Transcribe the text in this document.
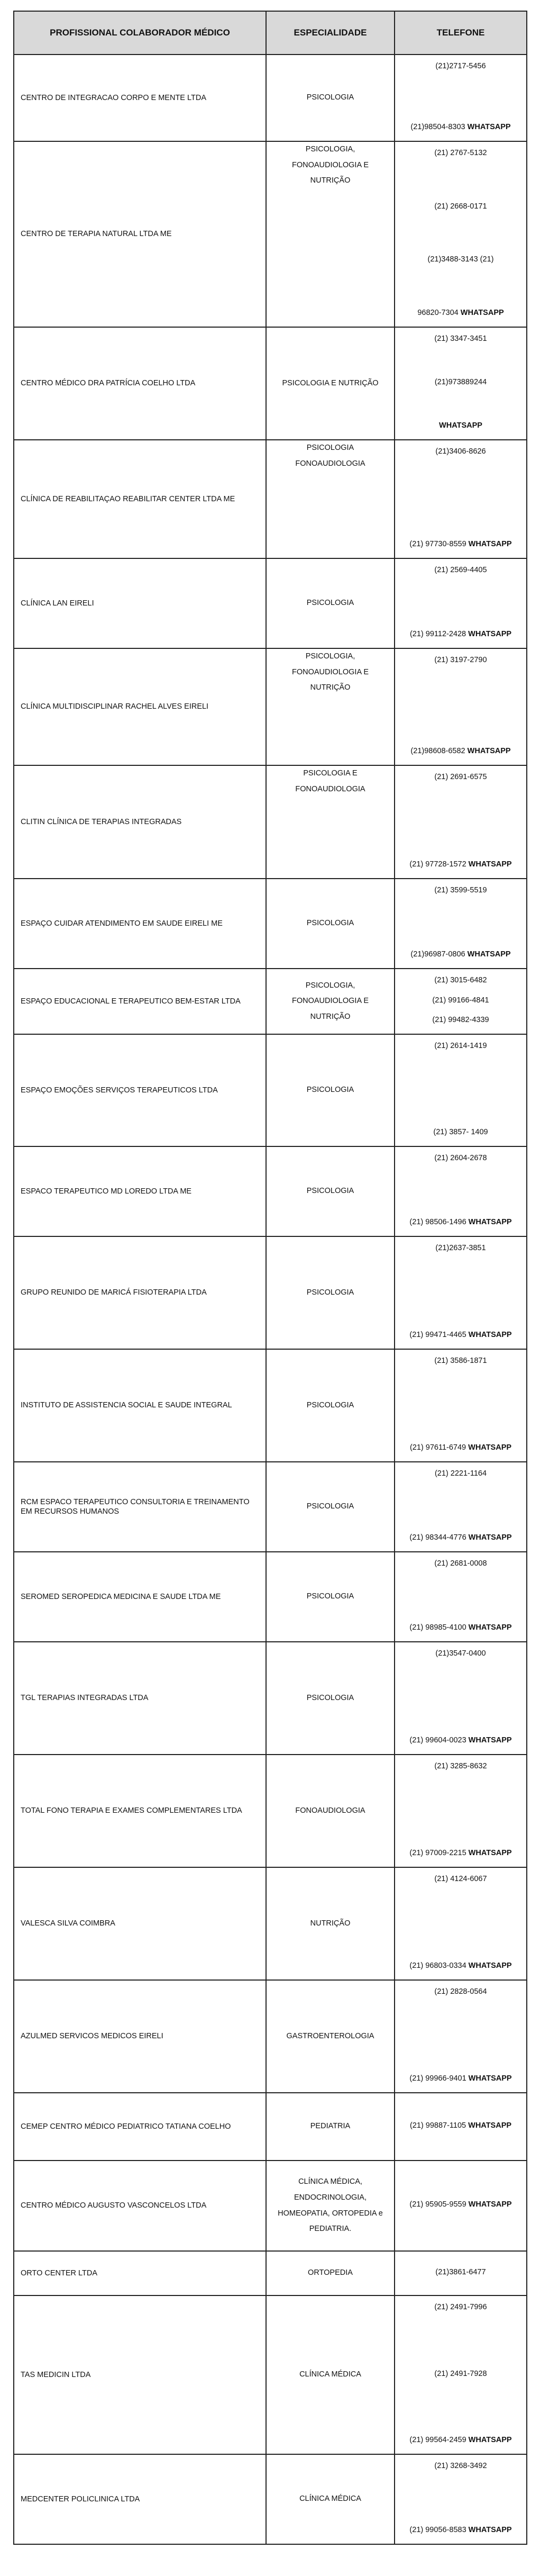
PROFISSIONAL COLABORADOR MÉDICO	ESPECIALIDADE	TELEFONE
CENTRO DE INTEGRACAO CORPO E MENTE LTDA	PSICOLOGIA	(21)2717-5456
(21)98504-8303 WHATSAPP

CENTRO DE TERAPIA NATURAL LTDA ME	PSICOLOGIA,
FONOAUDIOLOGIA E
NUTRIÇÃO	(21) 2767-5132
(21) 2668-0171
(21)3488-3143 (21)
96820-7304 WHATSAPP

CENTRO MÉDICO DRA PATRÍCIA COELHO LTDA	PSICOLOGIA E NUTRIÇÃO	(21) 3347-3451
(21)973889244
WHATSAPP

CLÍNICA DE REABILITAÇAO REABILITAR CENTER LTDA ME	PSICOLOGIA
FONOAUDIOLOGIA	(21)3406-8626
(21) 97730-8559 WHATSAPP

CLÍNICA LAN EIRELI	PSICOLOGIA	(21) 2569-4405
(21) 99112-2428 WHATSAPP

CLÍNICA MULTIDISCIPLINAR RACHEL ALVES EIRELI	PSICOLOGIA,
FONOAUDIOLOGIA E
NUTRIÇÃO	(21) 3197-2790
(21)98608-6582 WHATSAPP

CLITIN CLÍNICA DE TERAPIAS INTEGRADAS	PSICOLOGIA E
FONOAUDIOLOGIA	(21) 2691-6575
(21) 97728-1572 WHATSAPP

ESPAÇO CUIDAR ATENDIMENTO EM SAUDE EIRELI ME	PSICOLOGIA	(21) 3599-5519
(21)96987-0806 WHATSAPP

ESPAÇO EDUCACIONAL E TERAPEUTICO BEM-ESTAR LTDA	PSICOLOGIA,
FONOAUDIOLOGIA E
NUTRIÇÃO	(21) 3015-6482
(21) 99166-4841
(21) 99482-4339

ESPAÇO EMOÇÕES SERVIÇOS TERAPEUTICOS LTDA	PSICOLOGIA	(21) 2614-1419
(21) 3857- 1409

ESPACO TERAPEUTICO MD LOREDO LTDA ME	PSICOLOGIA	(21) 2604-2678
(21) 98506-1496 WHATSAPP

GRUPO REUNIDO DE MARICÁ FISIOTERAPIA LTDA	PSICOLOGIA	(21)2637-3851
(21) 99471-4465 WHATSAPP

INSTITUTO DE ASSISTENCIA SOCIAL E SAUDE INTEGRAL	PSICOLOGIA	(21) 3586-1871
(21) 97611-6749 WHATSAPP

RCM ESPACO TERAPEUTICO CONSULTORIA E TREINAMENTO EM RECURSOS HUMANOS	PSICOLOGIA	(21) 2221-1164
(21) 98344-4776 WHATSAPP

SEROMED SEROPEDICA MEDICINA E SAUDE LTDA ME	PSICOLOGIA	(21) 2681-0008
(21) 98985-4100 WHATSAPP

TGL TERAPIAS INTEGRADAS LTDA	PSICOLOGIA	(21)3547-0400
(21) 99604-0023 WHATSAPP

TOTAL FONO TERAPIA E EXAMES COMPLEMENTARES LTDA	FONOAUDIOLOGIA	(21) 3285-8632
(21) 97009-2215 WHATSAPP

VALESCA SILVA COIMBRA	NUTRIÇÃO	(21) 4124-6067
(21) 96803-0334 WHATSAPP

AZULMED SERVICOS MEDICOS EIRELI	GASTROENTEROLOGIA	(21) 2828-0564
(21) 99966-9401 WHATSAPP

CEMEP CENTRO MÉDICO PEDIATRICO TATIANA COELHO	PEDIATRIA	(21) 99887-1105 WHATSAPP

CENTRO MÉDICO AUGUSTO VASCONCELOS LTDA	CLÍNICA MÉDICA,
ENDOCRINOLOGIA,
HOMEOPATIA, ORTOPEDIA e
PEDIATRIA.	(21) 95905-9559 WHATSAPP

ORTO CENTER LTDA	ORTOPEDIA	(21)3861-6477

TAS MEDICIN LTDA	CLÍNICA MÉDICA	(21) 2491-7996
(21) 2491-7928
(21) 99564-2459 WHATSAPP

MEDCENTER POLICLINICA LTDA	CLÍNICA MÉDICA	(21) 3268-3492
(21) 99056-8583 WHATSAPP
